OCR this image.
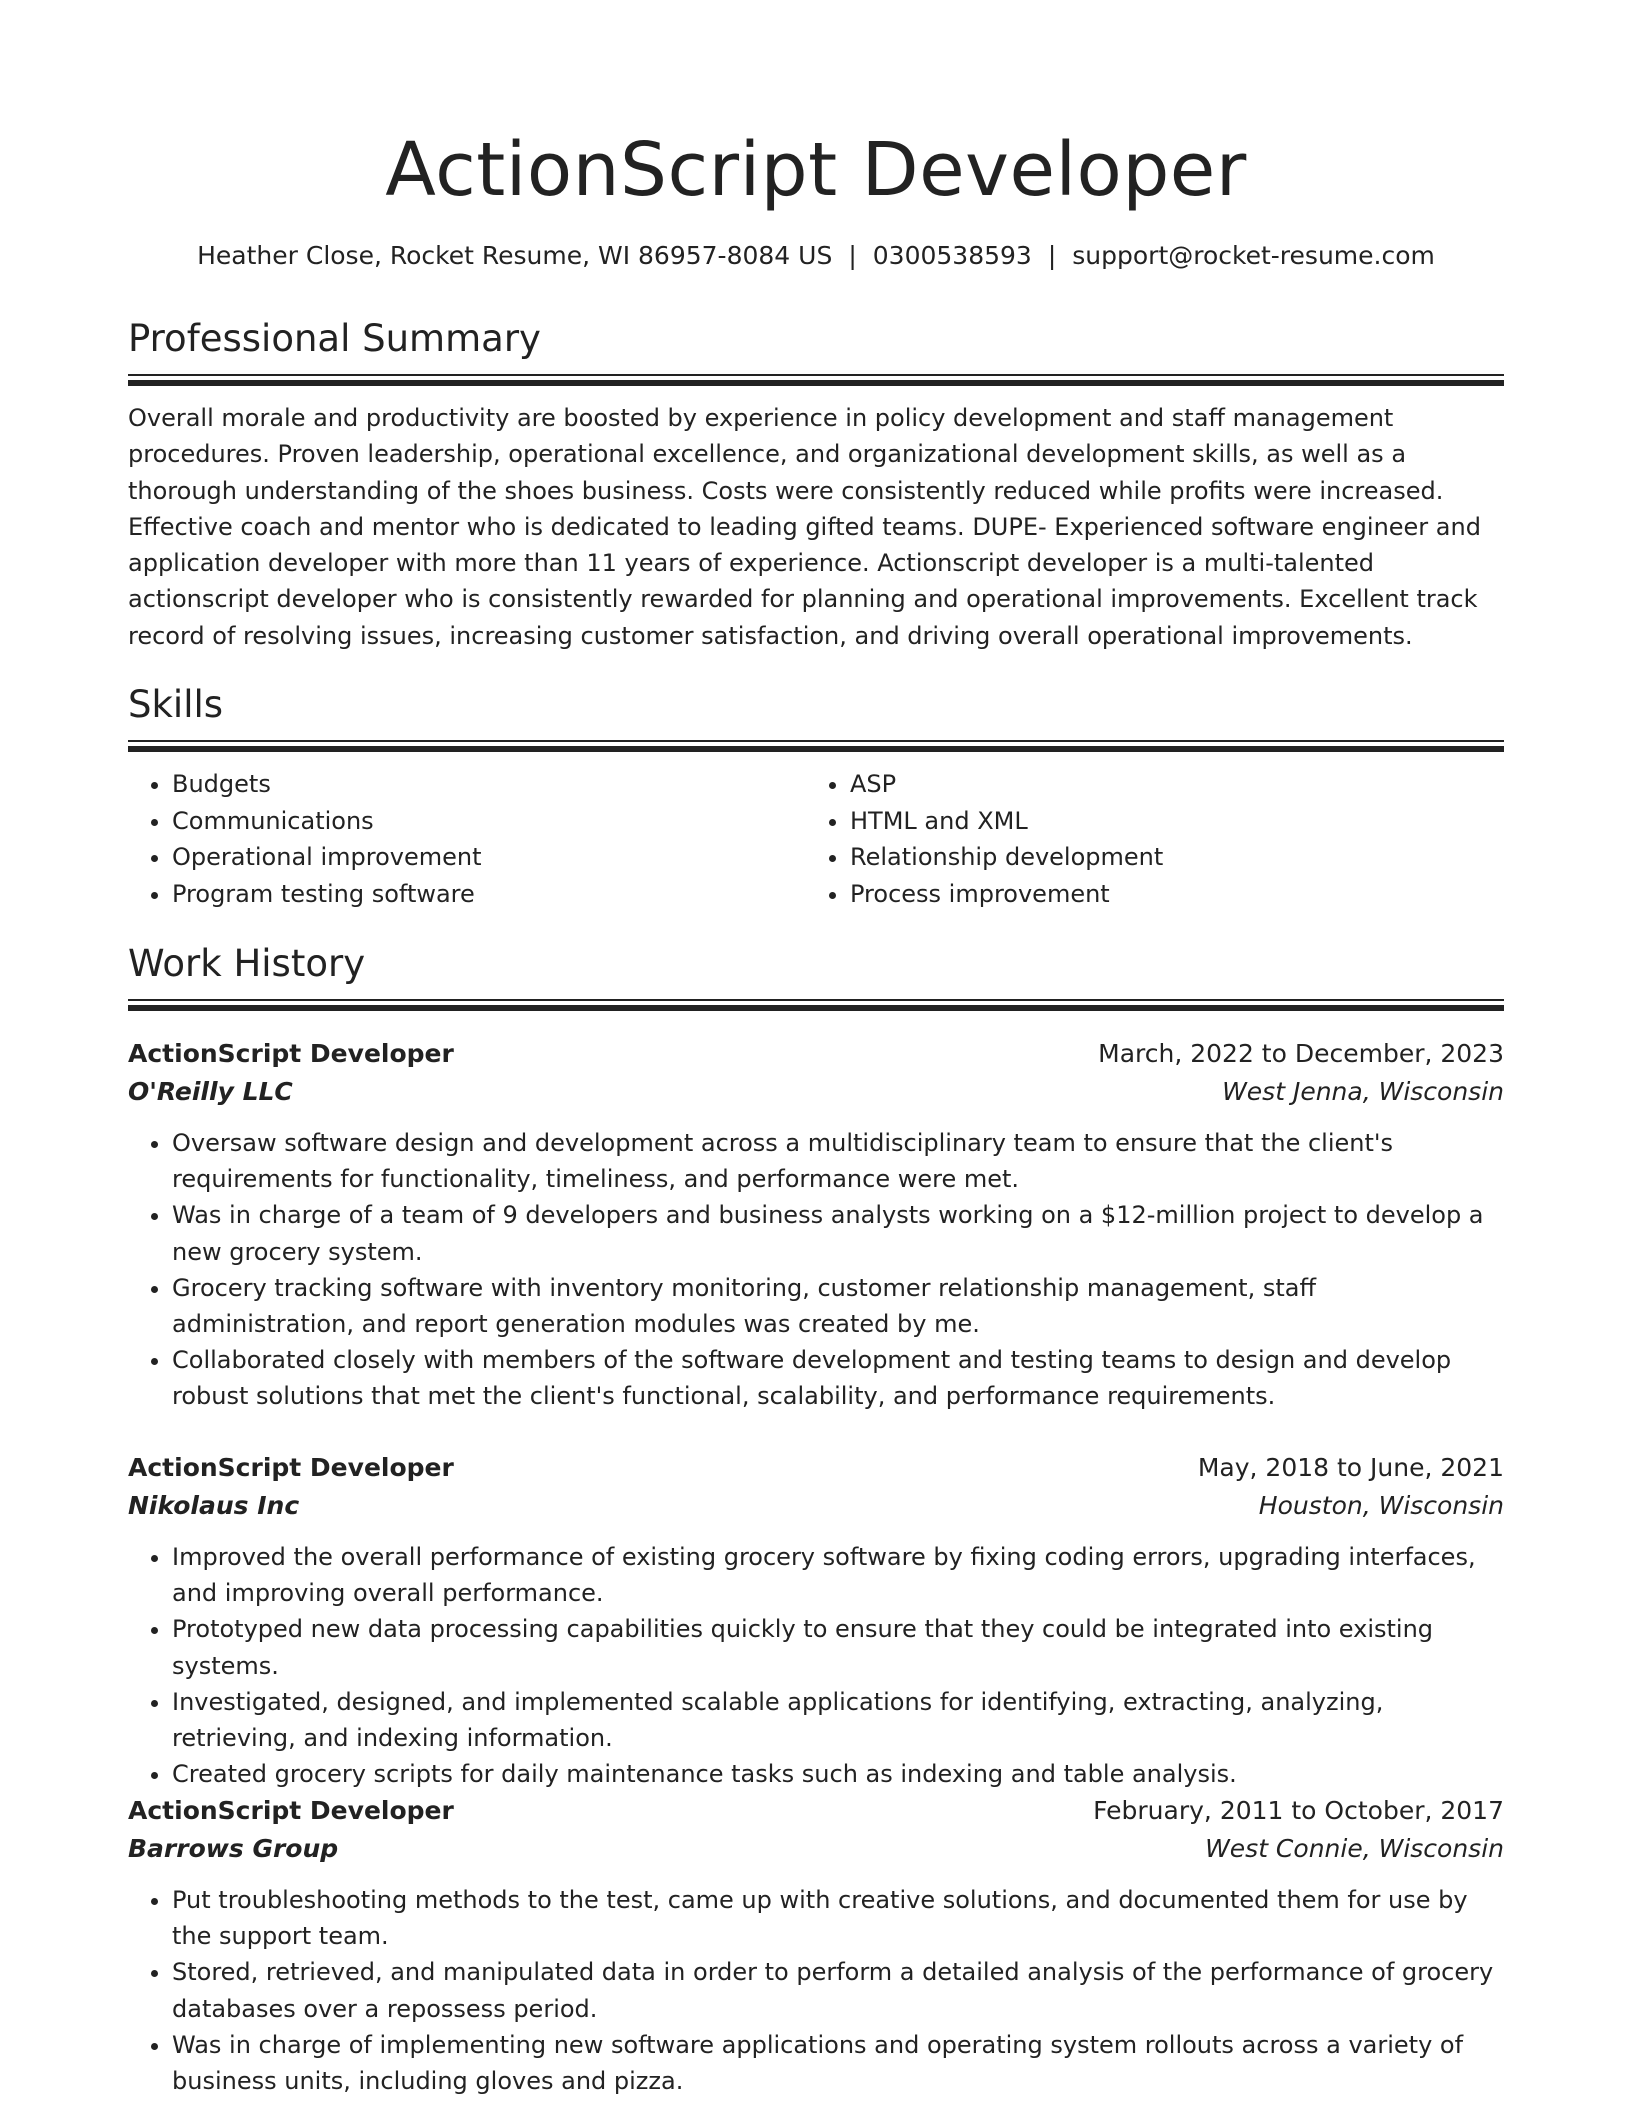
ActionScript Developer
Heather Close, Rocket Resume, WI 86957-8084 US | 0300538593 | support@rocket-resume.com
Professional Summary

Overall morale and productivity are boosted by experience in policy development and staff management procedures. Proven leadership, operational excellence, and organizational development skills, as well as a thorough understanding of the shoes business. Costs were consistently reduced while profits were increased. Effective coach and mentor who is dedicated to leading gifted teams. DUPE- Experienced software engineer and application developer with more than 11 years of experience. Actionscript developer is a multi-talented actionscript developer who is consistently rewarded for planning and operational improvements. Excellent track record of resolving issues, increasing customer satisfaction, and driving overall operational improvements.

Skills
• Budgets
• Communications
• Operational improvement
• Program testing software
• ASP
• HTML and XML
• Relationship development
• Process improvement
Work History
ActionScript Developer	March, 2022 to December, 2023
O'Reilly LLC	West Jenna, Wisconsin
• Oversaw software design and development across a multidisciplinary team to ensure that the client's requirements for functionality, timeliness, and performance were met.
• Was in charge of a team of 9 developers and business analysts working on a $12-million project to develop a new grocery system.
• Grocery tracking software with inventory monitoring, customer relationship management, staff administration, and report generation modules was created by me.
• Collaborated closely with members of the software development and testing teams to design and develop robust solutions that met the client's functional, scalability, and performance requirements.
ActionScript Developer	May, 2018 to June, 2021
Nikolaus Inc	Houston, Wisconsin
• Improved the overall performance of existing grocery software by fixing coding errors, upgrading interfaces, and improving overall performance.
• Prototyped new data processing capabilities quickly to ensure that they could be integrated into existing systems.
• Investigated, designed, and implemented scalable applications for identifying, extracting, analyzing, retrieving, and indexing information.
• Created grocery scripts for daily maintenance tasks such as indexing and table analysis.
ActionScript Developer	February, 2011 to October, 2017
Barrows Group	West Connie, Wisconsin
• Put troubleshooting methods to the test, came up with creative solutions, and documented them for use by the support team.
• Stored, retrieved, and manipulated data in order to perform a detailed analysis of the performance of grocery databases over a repossess period.
• Was in charge of implementing new software applications and operating system rollouts across a variety of business units, including gloves and pizza.
